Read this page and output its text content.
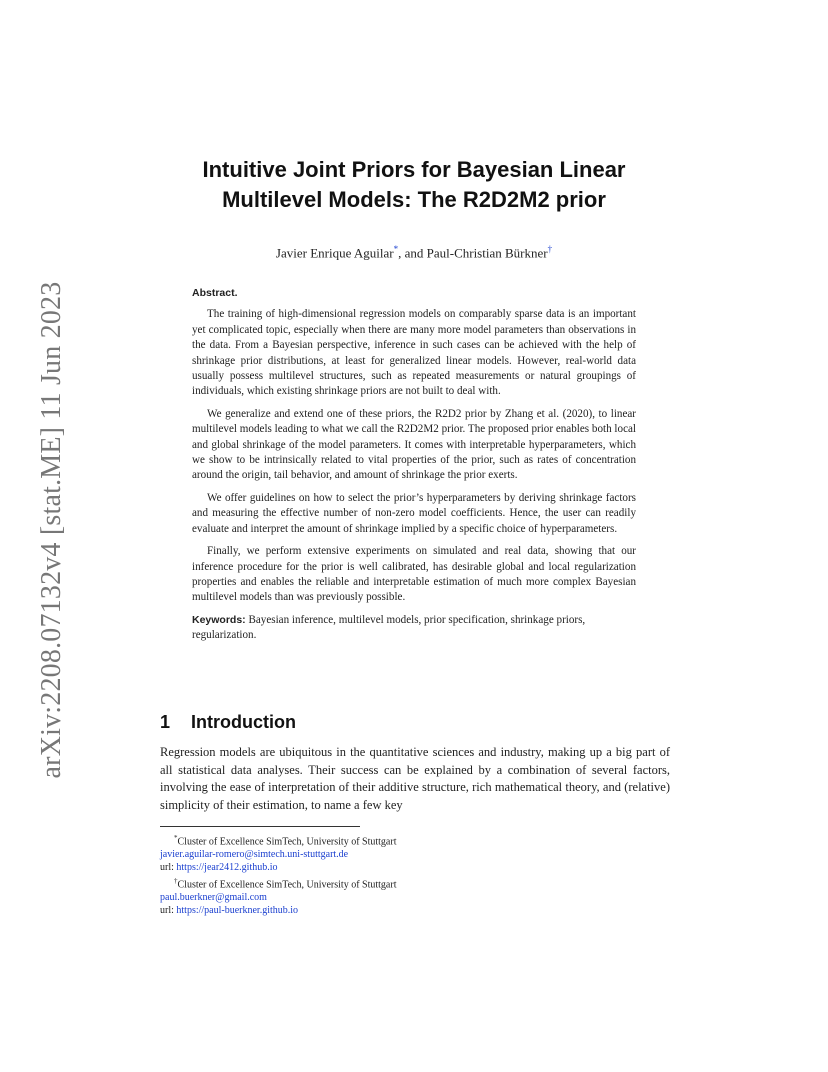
arXiv:2208.07132v4 [stat.ME] 11 Jun 2023
Intuitive Joint Priors for Bayesian Linear
Multilevel Models: The R2D2M2 prior
Javier Enrique Aguilar*, and Paul-Christian Bürkner†
Abstract.

The training of high-dimensional regression models on comparably sparse data is an important yet complicated topic, especially when there are many more model parameters than observations in the data. From a Bayesian perspective, inference in such cases can be achieved with the help of shrinkage prior distributions, at least for generalized linear models. However, real-world data usually possess multilevel structures, such as repeated measurements or natural groupings of individuals, which existing shrinkage priors are not built to deal with.

We generalize and extend one of these priors, the R2D2 prior by Zhang et al. (2020), to linear multilevel models leading to what we call the R2D2M2 prior. The proposed prior enables both local and global shrinkage of the model parameters. It comes with interpretable hyperparameters, which we show to be intrinsically related to vital properties of the prior, such as rates of concentration around the origin, tail behavior, and amount of shrinkage the prior exerts.

We offer guidelines on how to select the prior’s hyperparameters by deriving shrinkage factors and measuring the effective number of non-zero model coefficients. Hence, the user can readily evaluate and interpret the amount of shrinkage implied by a specific choice of hyperparameters.

Finally, we perform extensive experiments on simulated and real data, showing that our inference procedure for the prior is well calibrated, has desirable global and local regularization properties and enables the reliable and interpretable estimation of much more complex Bayesian multilevel models than was previously possible.

Keywords: Bayesian inference, multilevel models, prior specification, shrinkage priors, regularization.
1 Introduction

Regression models are ubiquitous in the quantitative sciences and industry, making up a big part of all statistical data analyses. Their success can be explained by a combination of several factors, involving the ease of interpretation of their additive structure, rich mathematical theory, and (relative) simplicity of their estimation, to name a few key

*Cluster of Excellence SimTech, University of Stuttgart
javier.aguilar-romero@simtech.uni-stuttgart.de
url: https://jear2412.github.io
†Cluster of Excellence SimTech, University of Stuttgart
paul.buerkner@gmail.com
url: https://paul-buerkner.github.io
